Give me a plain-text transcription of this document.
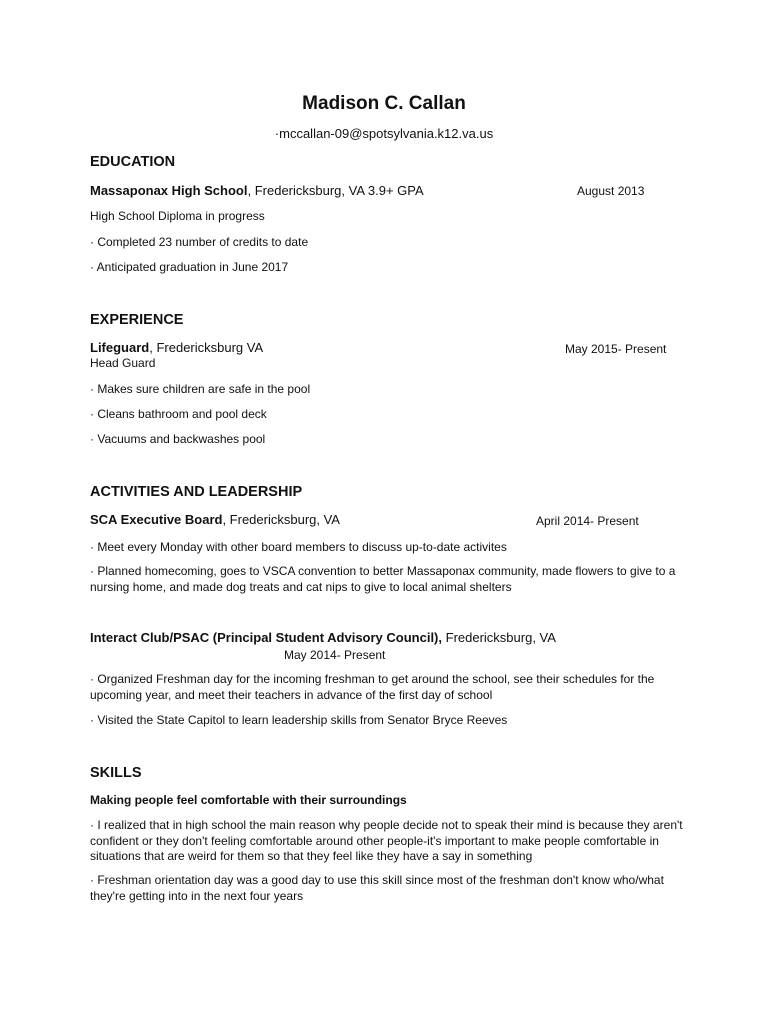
Madison C. Callan
·mccallan-09@spotsylvania.k12.va.us
EDUCATION
Massaponax High School, Fredericksburg, VA 3.9+ GPA	August 2013
High School Diploma in progress
· Completed 23 number of credits to date
· Anticipated graduation in June 2017
EXPERIENCE
Lifeguard, Fredericksburg VA	May 2015- Present
Head Guard
· Makes sure children are safe in the pool
· Cleans bathroom and pool deck
· Vacuums and backwashes pool
ACTIVITIES AND LEADERSHIP
SCA Executive Board, Fredericksburg, VA	April 2014- Present
· Meet every Monday with other board members to discuss up-to-date activites
· Planned homecoming, goes to VSCA convention to better Massaponax community, made flowers to give to a nursing home, and made dog treats and cat nips to give to local animal shelters
Interact Club/PSAC (Principal Student Advisory Council), Fredericksburg, VA
May 2014- Present
· Organized Freshman day for the incoming freshman to get around the school, see their schedules for the upcoming year, and meet their teachers in advance of the first day of school
· Visited the State Capitol to learn leadership skills from Senator Bryce Reeves
SKILLS
Making people feel comfortable with their surroundings
· I realized that in high school the main reason why people decide not to speak their mind is because they aren't confident or they don't feeling comfortable around other people-it's important to make people comfortable in situations that are weird for them so that they feel like they have a say in something
· Freshman orientation day was a good day to use this skill since most of the freshman don't know who/what they're getting into in the next four years
